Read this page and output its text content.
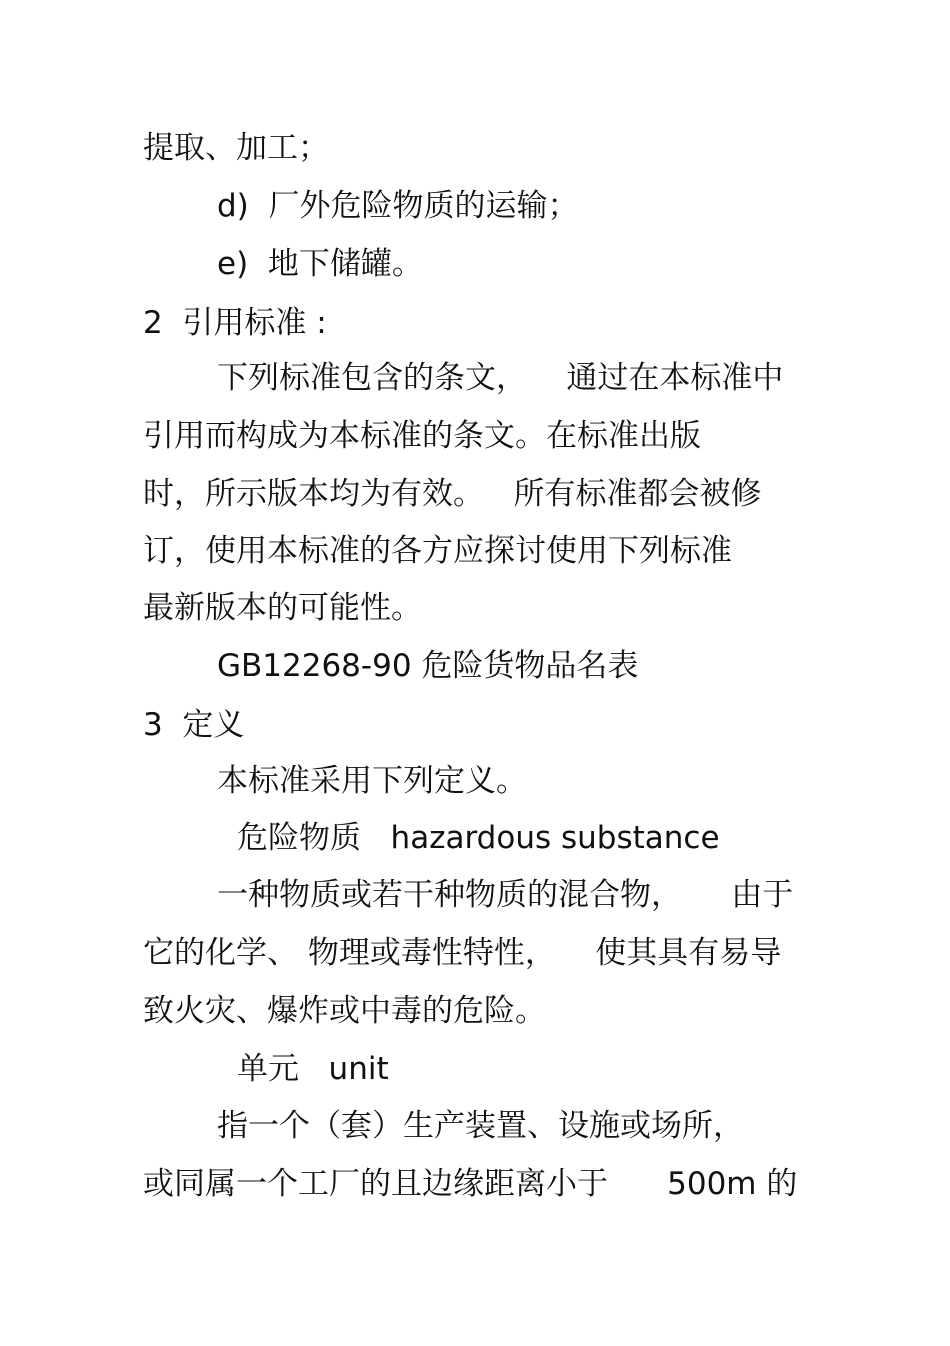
提取、加工；
d)  厂外危险物质的运输；
e)  地下储罐。
2  引用标准 :
下列标准包含的条文，    通过在本标准中
引用而构成为本标准的条文。在标准出版
时，所示版本均为有效。   所有标准都会被修
订，使用本标准的各方应探讨使用下列标准
最新版本的可能性。
GB12268-90 危险货物品名表
3  定义
本标准采用下列定义。
危险物质   hazardous substance
一种物质或若干种物质的混合物，     由于
它的化学、 物理或毒性特性，    使其具有易导
致火灾、爆炸或中毒的危险。
单元   unit
指一个（套）生产装置、设施或场所，
或同属一个工厂的且边缘距离小于      500m 的
